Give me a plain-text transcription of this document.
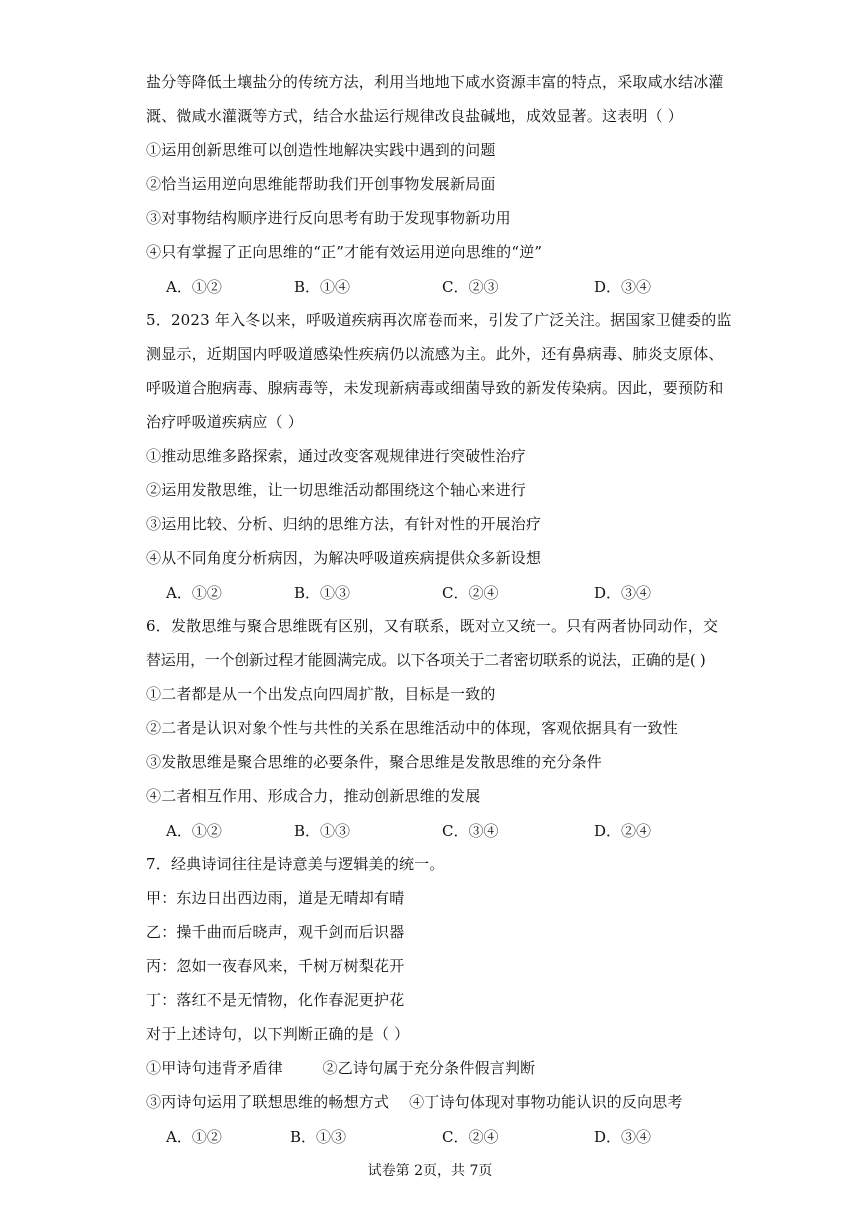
盐分等降低土壤盐分的传统方法，利用当地地下咸水资源丰富的特点，采取咸水结冰灌
溉、微咸水灌溉等方式，结合水盐运行规律改良盐碱地，成效显著。这表明（ ）
①运用创新思维可以创造性地解决实践中遇到的问题
②恰当运用逆向思维能帮助我们开创事物发展新局面
③对事物结构顺序进行反向思考有助于发现事物新功用
④只有掌握了正向思维的“正”才能有效运用逆向思维的“逆”
A．①②	B．①④	C．②③	D．③④
5．2023 年入冬以来，呼吸道疾病再次席卷而来，引发了广泛关注。据国家卫健委的监
测显示，近期国内呼吸道感染性疾病仍以流感为主。此外，还有鼻病毒、肺炎支原体、
呼吸道合胞病毒、腺病毒等，未发现新病毒或细菌导致的新发传染病。因此，要预防和
治疗呼吸道疾病应（ ）
①推动思维多路探索，通过改变客观规律进行突破性治疗
②运用发散思维，让一切思维活动都围绕这个轴心来进行
③运用比较、分析、归纳的思维方法，有针对性的开展治疗
④从不同角度分析病因，为解决呼吸道疾病提供众多新设想
A．①②	B．①③	C．②④	D．③④
6．发散思维与聚合思维既有区别，又有联系，既对立又统一。只有两者协同动作，交
替运用，一个创新过程才能圆满完成。以下各项关于二者密切联系的说法，正确的是( )
①二者都是从一个出发点向四周扩散，目标是一致的
②二者是认识对象个性与共性的关系在思维活动中的体现，客观依据具有一致性
③发散思维是聚合思维的必要条件，聚合思维是发散思维的充分条件
④二者相互作用、形成合力，推动创新思维的发展
A．①②	B．①③	C．③④	D．②④
7．经典诗词往往是诗意美与逻辑美的统一。
甲：东边日出西边雨，道是无晴却有晴
乙：操千曲而后晓声，观千剑而后识器
丙：忽如一夜春风来，千树万树梨花开
丁：落红不是无情物，化作春泥更护花
对于上述诗句，以下判断正确的是（ ）
①甲诗句违背矛盾律        ②乙诗句属于充分条件假言判断
③丙诗句运用了联想思维的畅想方式    ④丁诗句体现对事物功能认识的反向思考
A．①②	B．①③	C．②④	D．③④
试卷第 2页，共 7页
